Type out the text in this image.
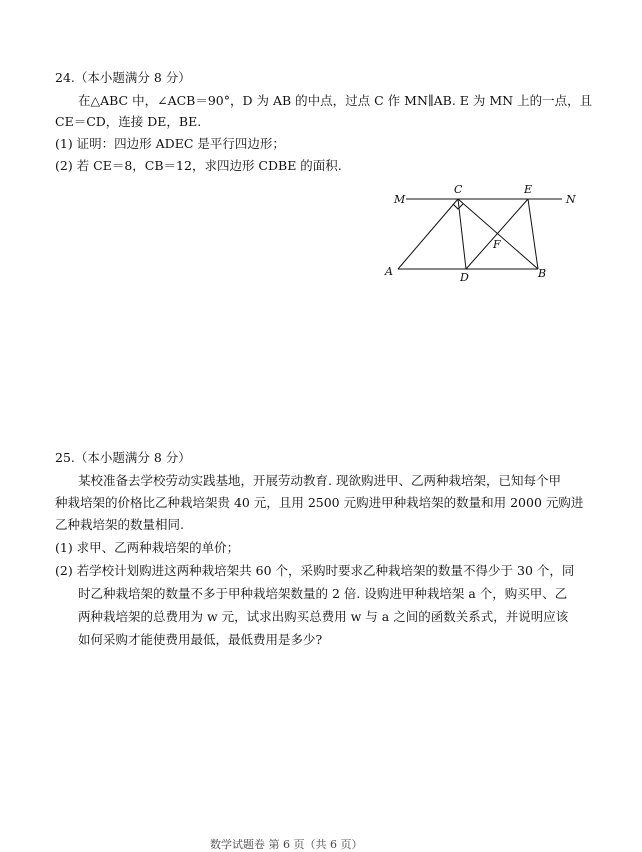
24.（本小题满分 8 分）
在△ABC 中，∠ACB＝90°，D 为 AB 的中点，过点 C 作 MN∥AB. E 为 MN 上的一点，且
CE＝CD，连接 DE，BE.
(1) 证明：四边形 ADEC 是平行四边形；
(2) 若 CE＝8，CB＝12，求四边形 CDBE 的面积.
M
C	E
N
F
A	D	B
25.（本小题满分 8 分）
某校准备去学校劳动实践基地，开展劳动教育. 现欲购进甲、乙两种栽培架，已知每个甲
种栽培架的价格比乙种栽培架贵 40 元，且用 2500 元购进甲种栽培架的数量和用 2000 元购进
乙种栽培架的数量相同.
(1) 求甲、乙两种栽培架的单价；
(2) 若学校计划购进这两种栽培架共 60 个，采购时要求乙种栽培架的数量不得少于 30 个，同
时乙种栽培架的数量不多于甲种栽培架数量的 2 倍. 设购进甲种栽培架 a 个，购买甲、乙
两种栽培架的总费用为 w 元，试求出购买总费用 w 与 a 之间的函数关系式，并说明应该
如何采购才能使费用最低，最低费用是多少?
数学试题卷 第 6 页（共 6 页）
